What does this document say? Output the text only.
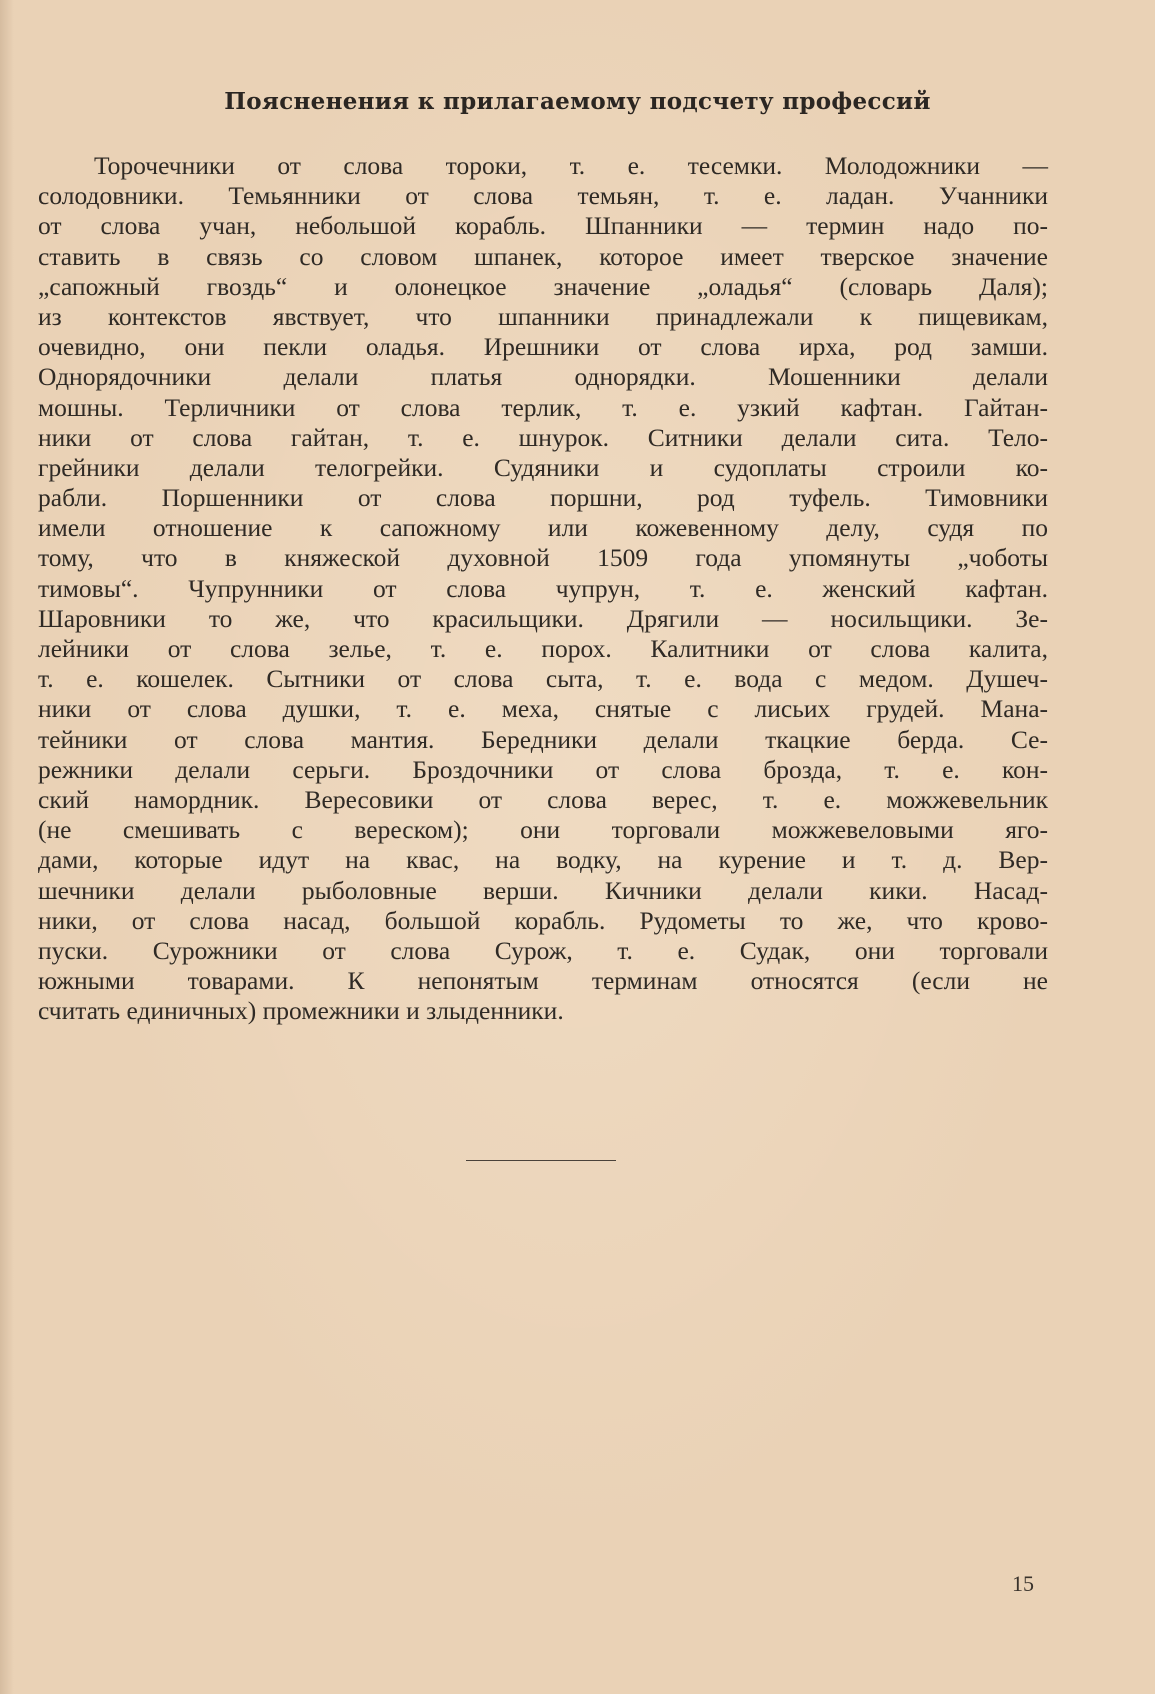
Поясненения к прилагаемому подсчету профессий
Торочечники от слова тороки, т. е. тесемки. Молодожники —
солодовники. Темьянники от слова темьян, т. е. ладан. Учанники
от слова учан, небольшой корабль. Шпанники — термин надо по-
ставить в связь со словом шпанек, которое имеет тверское значение
„сапожный гвоздь“ и олонецкое значение „оладья“ (словарь Даля);
из контекстов явствует, что шпанники принадлежали к пищевикам,
очевидно, они пекли оладья. Ирешники от слова ирха, род замши.
Однорядочники делали платья однорядки. Мошенники делали
мошны. Терличники от слова терлик, т. е. узкий кафтан. Гайтан-
ники от слова гайтан, т. е. шнурок. Ситники делали сита. Тело-
грейники делали телогрейки. Судяники и судоплаты строили ко-
рабли. Поршенники от слова поршни, род туфель. Тимовники
имели отношение к сапожному или кожевенному делу, судя по
тому, что в княжеской духовной 1509 года упомянуты „чоботы
тимовы“. Чупрунники от слова чупрун, т. е. женский кафтан.
Шаровники то же, что красильщики. Дрягили — носильщики. Зе-
лейники от слова зелье, т. е. порох. Калитники от слова калита,
т. е. кошелек. Сытники от слова сыта, т. е. вода с медом. Душеч-
ники от слова душки, т. е. меха, снятые с лисьих грудей. Мана-
тейники от слова мантия. Бередники делали ткацкие берда. Се-
режники делали серьги. Броздочники от слова брозда, т. е. кон-
ский намордник. Вересовики от слова верес, т. е. можжевельник
(не смешивать с вереском); они торговали можжевеловыми яго-
дами, которые идут на квас, на водку, на курение и т. д. Вер-
шечники делали рыболовные верши. Кичники делали кики. Насад-
ники, от слова насад, большой корабль. Рудометы то же, что крово-
пуски. Сурожники от слова Сурож, т. е. Судак, они торговали
южными товарами. К непонятым терминам относятся (если не
считать единичных) промежники и злыденники.
15
